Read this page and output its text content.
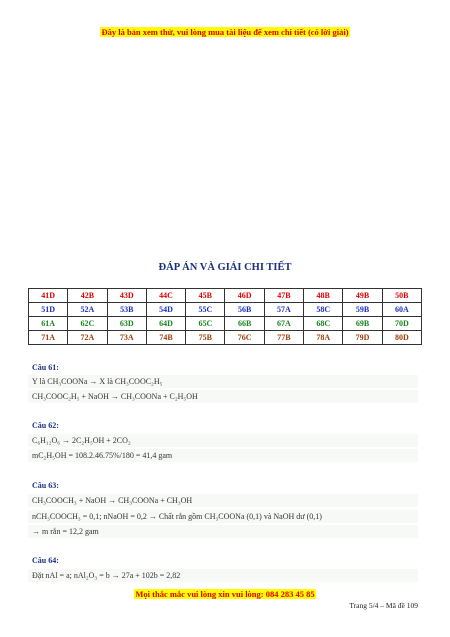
Đây là bản xem thử, vui lòng mua tài liệu để xem chi tiết (có lời giải)
ĐÁP ÁN VÀ GIẢI CHI TIẾT
41D	42B	43D	44C	45B	46D	47B	48B	49B	50B
51D	52A	53B	54D	55C	56B	57A	58C	59B	60A
61A	62C	63D	64D	65C	66B	67A	68C	69B	70D
71A	72A	73A	74B	75B	76C	77B	78A	79D	80D
Câu 61:
Y là CH₃COONa → X là CH₃COOC₂H₅
CH₃COOC₂H₅ + NaOH → CH₃COONa + C₂H₅OH
Câu 62:
C₆H₁₂O₆ → 2C₂H₅OH + 2CO₂
mC₂H₅OH = 108.2.46.75%/180 = 41,4 gam
Câu 63:
CH₃COOCH₃ + NaOH → CH₃COONa + CH₃OH
nCH₃COOCH₃ = 0,1; nNaOH = 0,2 → Chất rắn gồm CH₃COONa (0,1) và NaOH dư (0,1)
→ m rắn = 12,2 gam
Câu 64:
Đặt nAl = a; nAl₂O₃ = b → 27a + 102b = 2,82
Mọi thắc mắc vui lòng xin vui lòng: 084 283 45 85
Trang 5/4 – Mã đề 109
